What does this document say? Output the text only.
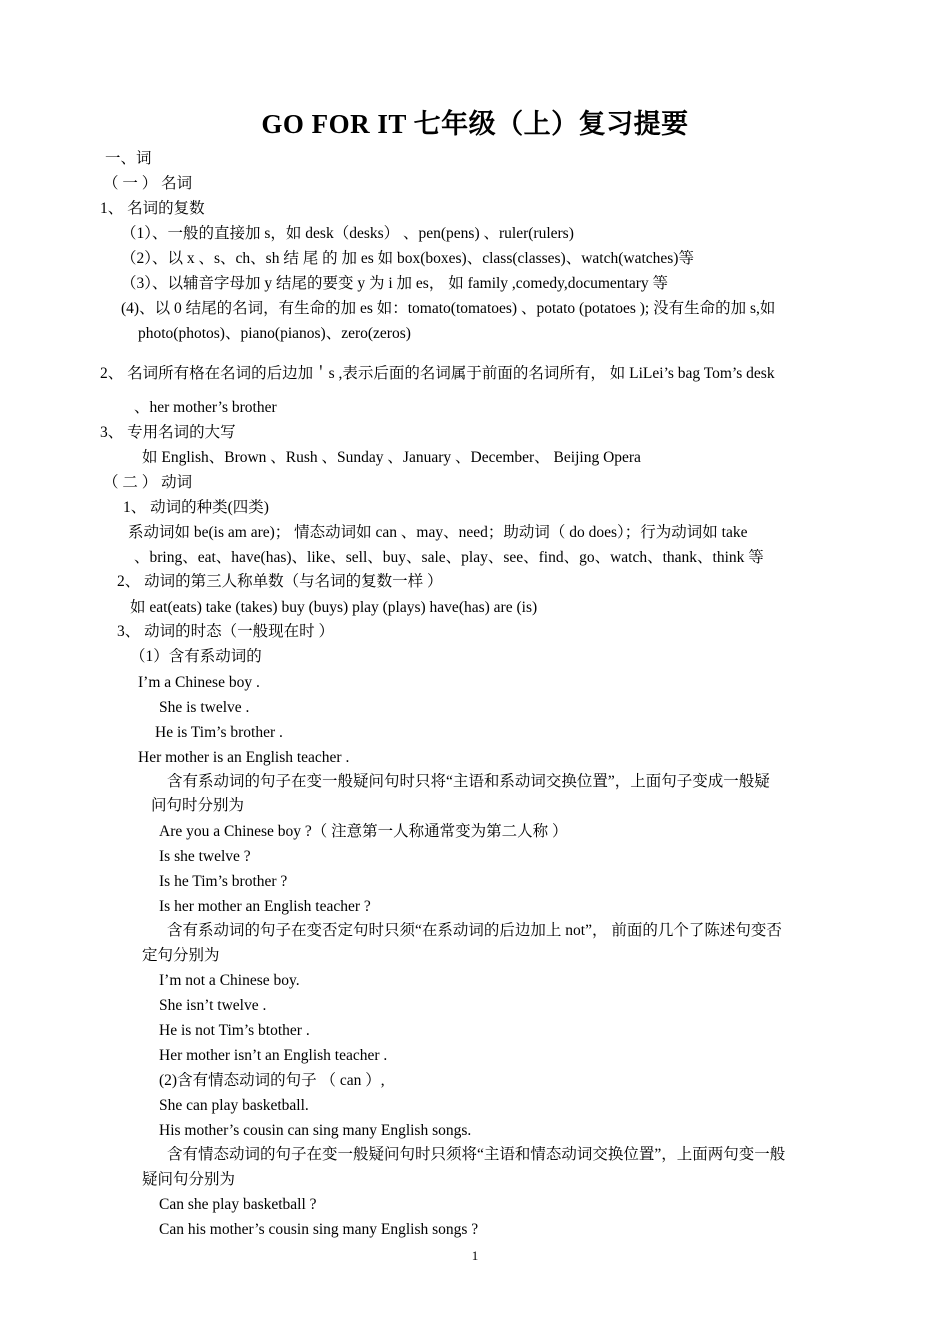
GO FOR IT 七年级（上）复习提要
一、词
（ 一 ） 名词
1、 名词的复数
（1）、一般的直接加 s，如 desk（desks） 、pen(pens) 、ruler(rulers)
（2）、以 x 、s、ch、sh 结 尾 的 加 es 如 box(boxes)、class(classes)、watch(watches)等
（3）、以辅音字母加 y 结尾的要变 y 为 i 加 es， 如 family ,comedy,documentary 等
(4)、以 0 结尾的名词，有生命的加 es 如：tomato(tomatoes) 、potato (potatoes ); 没有生命的加 s,如
photo(photos)、piano(pianos)、zero(zeros)
2、 名词所有格在名词的后边加＇s ,表示后面的名词属于前面的名词所有， 如 LiLei’s bag Tom’s desk
、her mother’s brother
3、 专用名词的大写
如 English、Brown 、Rush 、Sunday 、January 、December、 Beijing Opera
（ 二 ） 动词
1、 动词的种类(四类)
系动词如 be(is am are)； 情态动词如 can 、may、need；助动词（ do does）；行为动词如 take
、bring、eat、have(has)、like、sell、buy、sale、play、see、find、go、watch、thank、think 等
2、 动词的第三人称单数（与名词的复数一样 ）
如 eat(eats) take (takes) buy (buys) play (plays) have(has) are (is)
3、 动词的时态（一般现在时 ）
（1）含有系动词的
I’m a Chinese boy .
She is twelve .
He is Tim’s brother .
Her mother is an English teacher .
含有系动词的句子在变一般疑问句时只将“主语和系动词交换位置”，上面句子变成一般疑
问句时分别为
Are you a Chinese boy ?（ 注意第一人称通常变为第二人称 ）
Is she twelve ?
Is he Tim’s brother ?
Is her mother an English teacher ?
含有系动词的句子在变否定句时只须“在系动词的后边加上 not”， 前面的几个了陈述句变否
定句分别为
I’m not a Chinese boy.
She isn’t twelve .
He is not Tim’s btother .
Her mother isn’t an English teacher .
(2)含有情态动词的句子 （ can ）,
She can play basketball.
His mother’s cousin can sing many English songs.
含有情态动词的句子在变一般疑问句时只须将“主语和情态动词交换位置”，上面两句变一般
疑问句分别为
Can she play basketball ?
Can his mother’s cousin sing many English songs ?
1
